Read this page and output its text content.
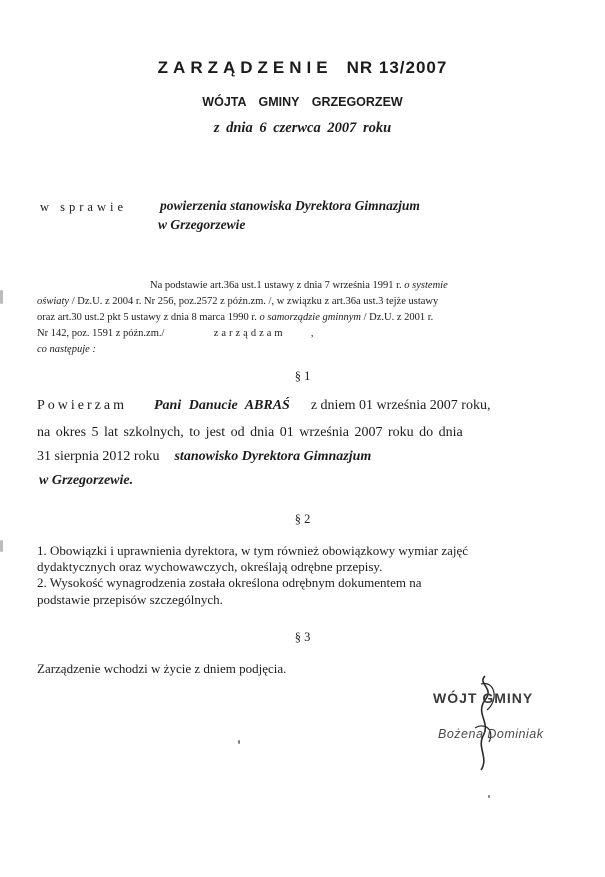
ZARZĄDZENIE NR 13/2007
WÓJTA GMINY GRZEGORZEW
z dnia 6 czerwca 2007 roku
w sprawie powierzenia stanowiska Dyrektora Gimnazjum
w Grzegorzewie
Na podstawie art.36a ust.1 ustawy z dnia 7 września 1991 r. o systemie
oświaty / Dz.U. z 2004 r. Nr 256, poz.2572 z późn.zm. /, w związku z art.36a ust.3 tejże ustawy
oraz art.30 ust.2 pkt 5 ustawy z dnia 8 marca 1990 r. o samorządzie gminnym / Dz.U. z 2001 r.
Nr 142, poz. 1591 z późn.zm./	zarządzam ,
co następuje :
§ 1
Powierzam Pani Danucie ABRAŚ z dniem 01 września 2007 roku,
na okres 5 lat szkolnych, to jest od dnia 01 września 2007 roku do dnia
31 sierpnia 2012 roku stanowisko Dyrektora Gimnazjum
w Grzegorzewie.
§ 2
1. Obowiązki i uprawnienia dyrektora, w tym również obowiązkowy wymiar zajęć
dydaktycznych oraz wychowawczych, określają odrębne przepisy.
2. Wysokość wynagrodzenia została określona odrębnym dokumentem na
podstawie przepisów szczególnych.
§ 3
Zarządzenie wchodzi w życie z dniem podjęcia.
WÓJT GMINY
Bożena Dominiak
